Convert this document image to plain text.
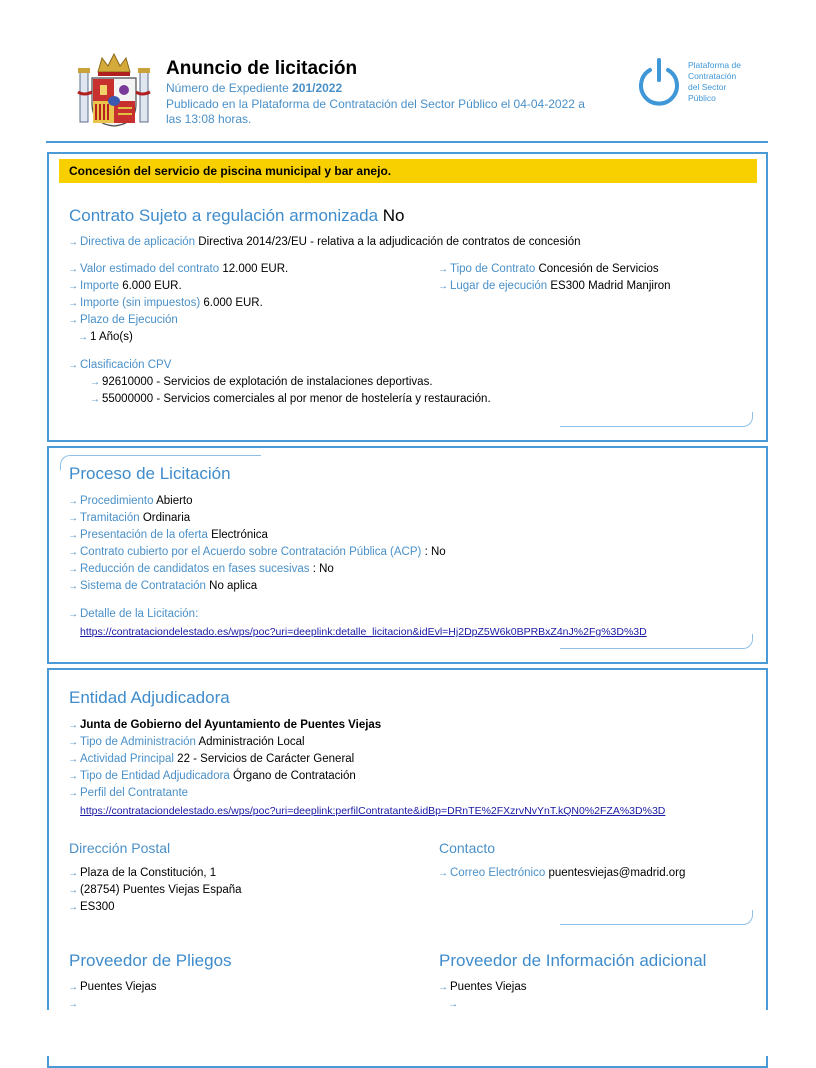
Anuncio de licitación
Número de Expediente 201/2022
Publicado en la Plataforma de Contratación del Sector Público el 04-04-2022 a
las 13:08 horas.
Plataforma de
Contratación
del Sector
Público
Concesión del servicio de piscina municipal y bar anejo.
Contrato Sujeto a regulación armonizada No
→ Directiva de aplicación Directiva 2014/23/EU - relativa a la adjudicación de contratos de concesión
→ Valor estimado del contrato 12.000 EUR.
→ Importe 6.000 EUR.
→ Importe (sin impuestos) 6.000 EUR.
→ Plazo de Ejecución
→ 1 Año(s)
→ Tipo de Contrato Concesión de Servicios
→ Lugar de ejecución ES300 Madrid Manjiron
→ Clasificación CPV
→ 92610000 - Servicios de explotación de instalaciones deportivas.
→ 55000000 - Servicios comerciales al por menor de hostelería y restauración.
Proceso de Licitación
→ Procedimiento Abierto
→ Tramitación Ordinaria
→ Presentación de la oferta Electrónica
→ Contrato cubierto por el Acuerdo sobre Contratación Pública (ACP) : No
→ Reducción de candidatos en fases sucesivas : No
→ Sistema de Contratación No aplica
→ Detalle de la Licitación:
https://contrataciondelestado.es/wps/poc?uri=deeplink:detalle_licitacion&idEvl=Hj2DpZ5W6k0BPRBxZ4nJ%2Fg%3D%3D
Entidad Adjudicadora
→ Junta de Gobierno del Ayuntamiento de Puentes Viejas
→ Tipo de Administración Administración Local
→ Actividad Principal 22 - Servicios de Carácter General
→ Tipo de Entidad Adjudicadora Órgano de Contratación
→ Perfil del Contratante
https://contrataciondelestado.es/wps/poc?uri=deeplink:perfilContratante&idBp=DRnTE%2FXzrvNvYnT.kQN0%2FZA%3D%3D
Dirección Postal
→ Plaza de la Constitución, 1
→ (28754) Puentes Viejas España
→ ES300
Contacto
→ Correo Electrónico puentesviejas@madrid.org
Proveedor de Pliegos
→ Puentes Viejas
→
Proveedor de Información adicional
→ Puentes Viejas
→
